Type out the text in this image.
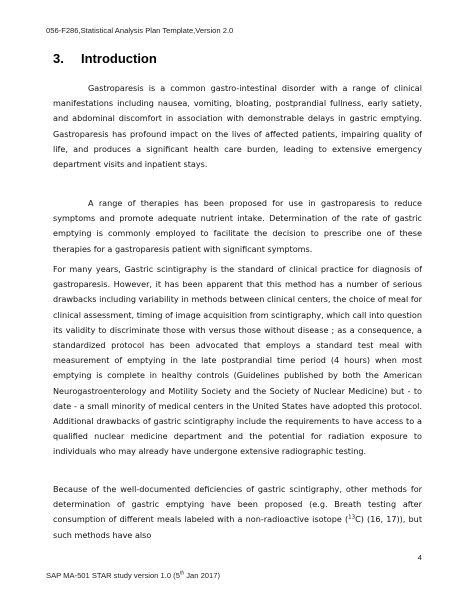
056-F286,Statistical Analysis Plan Template,Version 2.0
3. Introduction

Gastroparesis is a common gastro-intestinal disorder with a range of clinical manifestations including nausea, vomiting, bloating, postprandial fullness, early satiety, and abdominal discomfort in association with demonstrable delays in gastric emptying. Gastroparesis has profound impact on the lives of affected patients, impairing quality of life, and produces a significant health care burden, leading to extensive emergency department visits and inpatient stays.

A range of therapies has been proposed for use in gastroparesis to reduce symptoms and promote adequate nutrient intake. Determination of the rate of gastric emptying is commonly employed to facilitate the decision to prescribe one of these therapies for a gastroparesis patient with significant symptoms.

For many years, Gastric scintigraphy is the standard of clinical practice for diagnosis of gastroparesis. However, it has been apparent that this method has a number of serious drawbacks including variability in methods between clinical centers, the choice of meal for clinical assessment, timing of image acquisition from scintigraphy, which call into question its validity to discriminate those with versus those without disease ; as a consequence, a standardized protocol has been advocated that employs a standard test meal with measurement of emptying in the late postprandial time period (4 hours) when most emptying is complete in healthy controls (Guidelines published by both the American Neurogastroenterology and Motility Society and the Society of Nuclear Medicine) but - to date - a small minority of medical centers in the United States have adopted this protocol. Additional drawbacks of gastric scintigraphy include the requirements to have access to a qualified nuclear medicine department and the potential for radiation exposure to individuals who may already have undergone extensive radiographic testing.

Because of the well-documented deficiencies of gastric scintigraphy, other methods for determination of gastric emptying have been proposed (e.g. Breath testing after consumption of different meals labeled with a non-radioactive isotope ($^{13}$C) (16, 17)), but such methods have also

4
SAP MA-501 STAR study version 1.0 (5th Jan 2017)
